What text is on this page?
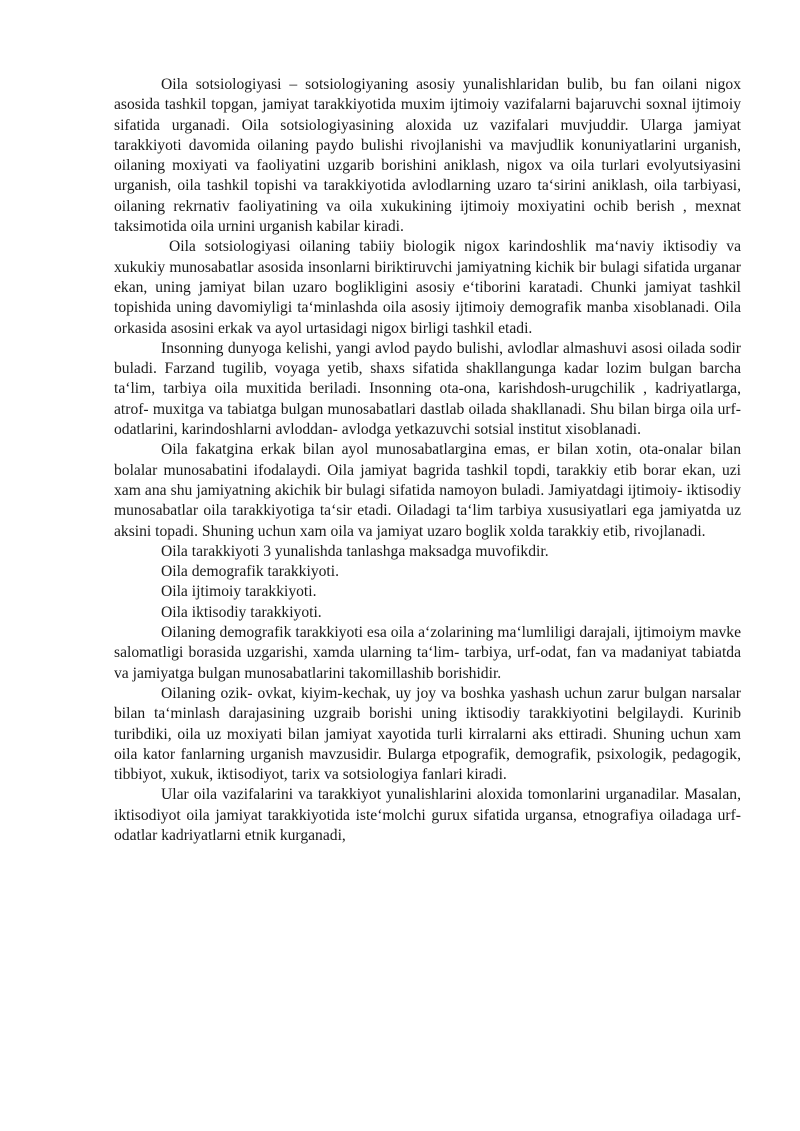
Oila sotsiologiyasi – sotsiologiyaning asosiy yunalishlaridan bulib, bu fan oilani nigox asosida tashkil topgan, jamiyat tarakkiyotida muxim ijtimoiy vazifalarni bajaruvchi soxnal ijtimoiy sifatida urganadi. Oila sotsiologiyasining aloxida uz vazifalari muvjuddir. Ularga jamiyat tarakkiyoti davomida oilaning paydo bulishi rivojlanishi va mavjudlik konuniyatlarini urganish, oilaning moxiyati va faoliyatini uzgarib borishini aniklash, nigox va oila turlari evolyutsiyasini urganish, oila tashkil topishi va tarakkiyotida avlodlarning uzaro ta‘sirini aniklash, oila tarbiyasi, oilaning rekrnativ faoliyatining va oila xukukining ijtimoiy moxiyatini ochib berish , mexnat taksimotida oila urnini urganish kabilar kiradi.

Oila sotsiologiyasi oilaning tabiiy biologik nigox karindoshlik ma‘naviy iktisodiy va xukukiy munosabatlar asosida insonlarni biriktiruvchi jamiyatning kichik bir bulagi sifatida urganar ekan, uning jamiyat bilan uzaro boglikligini asosiy e‘tiborini karatadi. Chunki jamiyat tashkil topishida uning davomiyligi ta‘minlashda oila asosiy ijtimoiy demografik manba xisoblanadi. Oila orkasida asosini erkak va ayol urtasidagi nigox birligi tashkil etadi.

Insonning dunyoga kelishi, yangi avlod paydo bulishi, avlodlar almashuvi asosi oilada sodir buladi. Farzand tugilib, voyaga yetib, shaxs sifatida shakllangunga kadar lozim bulgan barcha ta‘lim, tarbiya oila muxitida beriladi. Insonning ota-ona, karishdosh-urugchilik , kadriyatlarga, atrof- muxitga va tabiatga bulgan munosabatlari dastlab oilada shakllanadi. Shu bilan birga oila urf-odatlarini, karindoshlarni avloddan- avlodga yetkazuvchi sotsial institut xisoblanadi.

Oila fakatgina erkak bilan ayol munosabatlargina emas, er bilan xotin, ota-onalar bilan bolalar munosabatini ifodalaydi. Oila jamiyat bagrida tashkil topdi, tarakkiy etib borar ekan, uzi xam ana shu jamiyatning akichik bir bulagi sifatida namoyon buladi. Jamiyatdagi ijtimoiy- iktisodiy munosabatlar oila tarakkiyotiga ta‘sir etadi. Oiladagi ta‘lim tarbiya xususiyatlari ega jamiyatda uz aksini topadi. Shuning uchun xam oila va jamiyat uzaro boglik xolda tarakkiy etib, rivojlanadi.

Oila tarakkiyoti 3 yunalishda tanlashga maksadga muvofikdir.

Oila demografik tarakkiyoti.

Oila ijtimoiy tarakkiyoti.

Oila iktisodiy tarakkiyoti.

Oilaning demografik tarakkiyoti esa oila a‘zolarining ma‘lumliligi darajali, ijtimoiym mavke salomatligi borasida uzgarishi, xamda ularning ta‘lim- tarbiya, urf-odat, fan va madaniyat tabiatda va jamiyatga bulgan munosabatlarini takomillashib borishidir.

Oilaning ozik- ovkat, kiyim-kechak, uy joy va boshka yashash uchun zarur bulgan narsalar bilan ta‘minlash darajasining uzgraib borishi uning iktisodiy tarakkiyotini belgilaydi. Kurinib turibdiki, oila uz moxiyati bilan jamiyat xayotida turli kirralarni aks ettiradi. Shuning uchun xam oila kator fanlarning urganish mavzusidir. Bularga etpografik, demografik, psixologik, pedagogik, tibbiyot, xukuk, iktisodiyot, tarix va sotsiologiya fanlari kiradi.

Ular oila vazifalarini va tarakkiyot yunalishlarini aloxida tomonlarini urganadilar. Masalan, iktisodiyot oila jamiyat tarakkiyotida iste‘molchi gurux sifatida urgansa, etnografiya oiladaga urf-odatlar kadriyatlarni etnik kurganadi,
